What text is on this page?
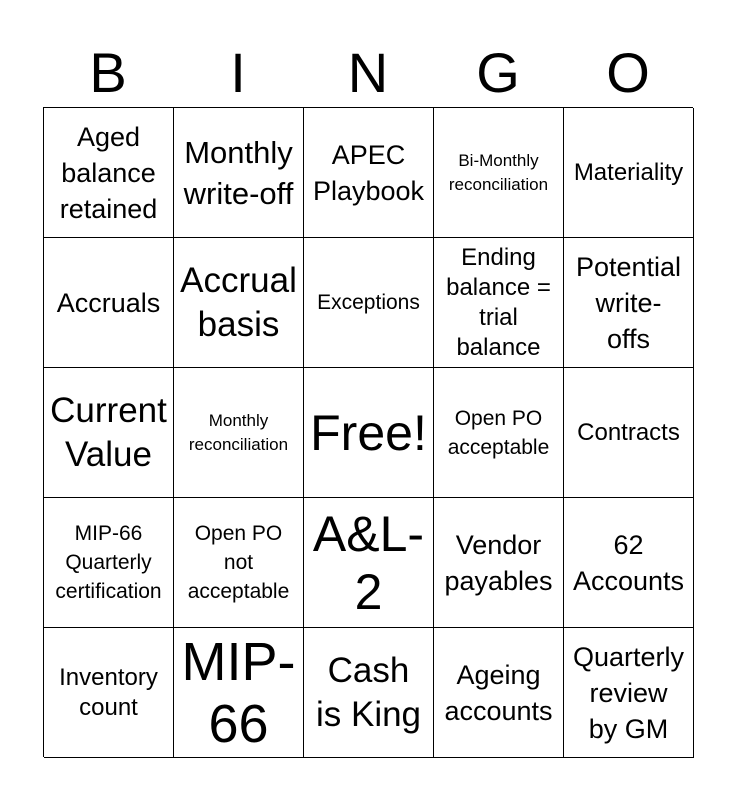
B	I	N	G	O
Aged
balance
retained
Monthly
write-off
APEC
Playbook
Bi-Monthly
reconciliation	Materiality
Accruals
Accrual
basis
Exceptions
Ending
balance =
trial
balance
Potential
write-
offs
Current
Value
Monthly
reconciliation Free!	Open PO
acceptable
Contracts
MIP-66
Quarterly
certification
Open PO
not
acceptable
A&L-
2
Vendor
payables
62
Accounts
Inventory
count
MIP-
66
Cash
is King
Ageing
accounts
Quarterly
review
by GM
